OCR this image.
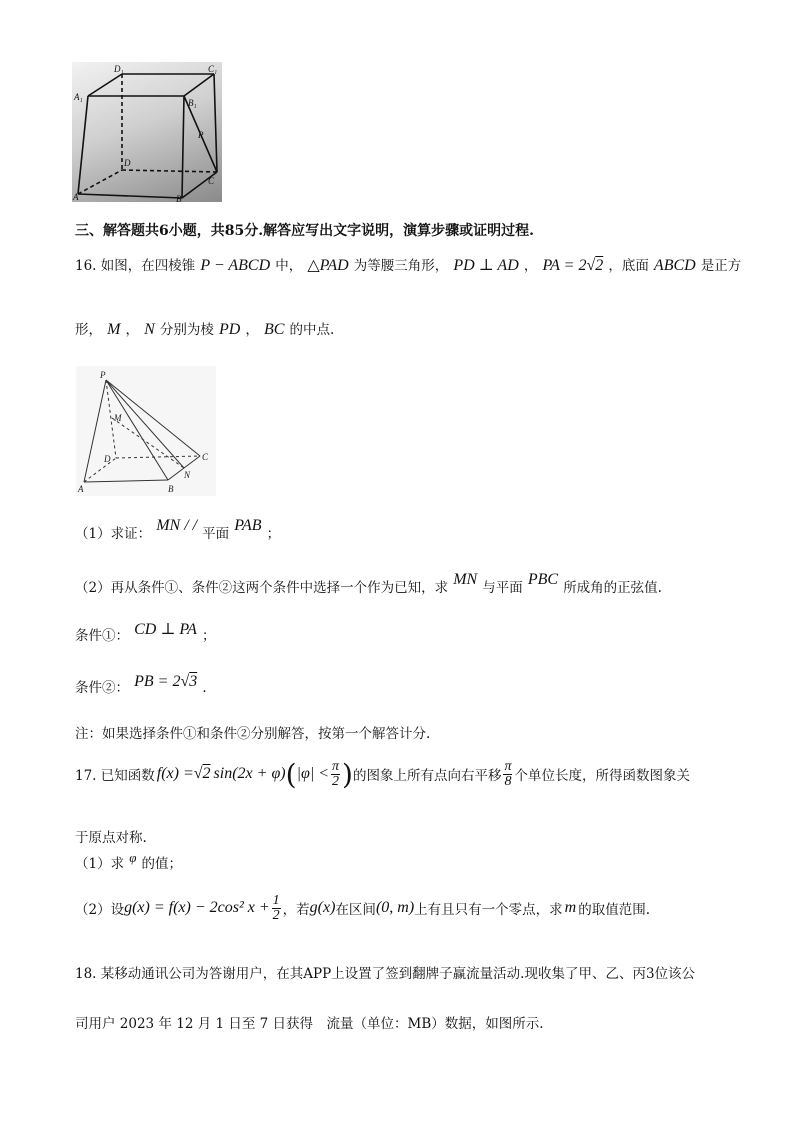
D₁	C₁
A₁
B₁
P
D
C
A	B
三、解答题共6小题，共85分.解答应写出文字说明，演算步骤或证明过程.
16. 如图，在四棱锥 P − ABCD 中， △PAD 为等腰三角形， PD ⊥ AD ， PA = 2√2 ，底面 ABCD 是正方
形， M ， N 分别为棱 PD ， BC 的中点.
P
M
D	C
N
A	B
（1）求证： MN / / 平面 PAB ；
（2）再从条件①、条件②这两个条件中选择一个作为已知，求 MN 与平面 PBC 所成角的正弦值.
条件①： CD ⊥ PA ；
条件②： PB = 2√3 .
注：如果选择条件①和条件②分别解答，按第一个解答计分.
17. 已知函数 f(x) = √2 sin(2x + φ) ( $|\varphi| < \frac{\pi}{2}$ ) 的图象上所有点向右平移 $\frac{\pi}{8}$ 个单位长度，所得函数图象关
于原点对称.
（1）求 $^\varphi$ 的值；
（2）设 g(x) = f(x) − 2cos² $x + \frac{1}{2}$ ，若 g(x) 在区间 (0, m) 上有且只有一个零点，求 m 的取值范围.
18. 某移动通讯公司为答谢用户，在其APP上设置了签到翻牌子赢流量活动.现收集了甲、乙、丙3位该公
司用户 2023 年 12 月 1 日至 7 日获得　流量（单位：MB）数据，如图所示.
